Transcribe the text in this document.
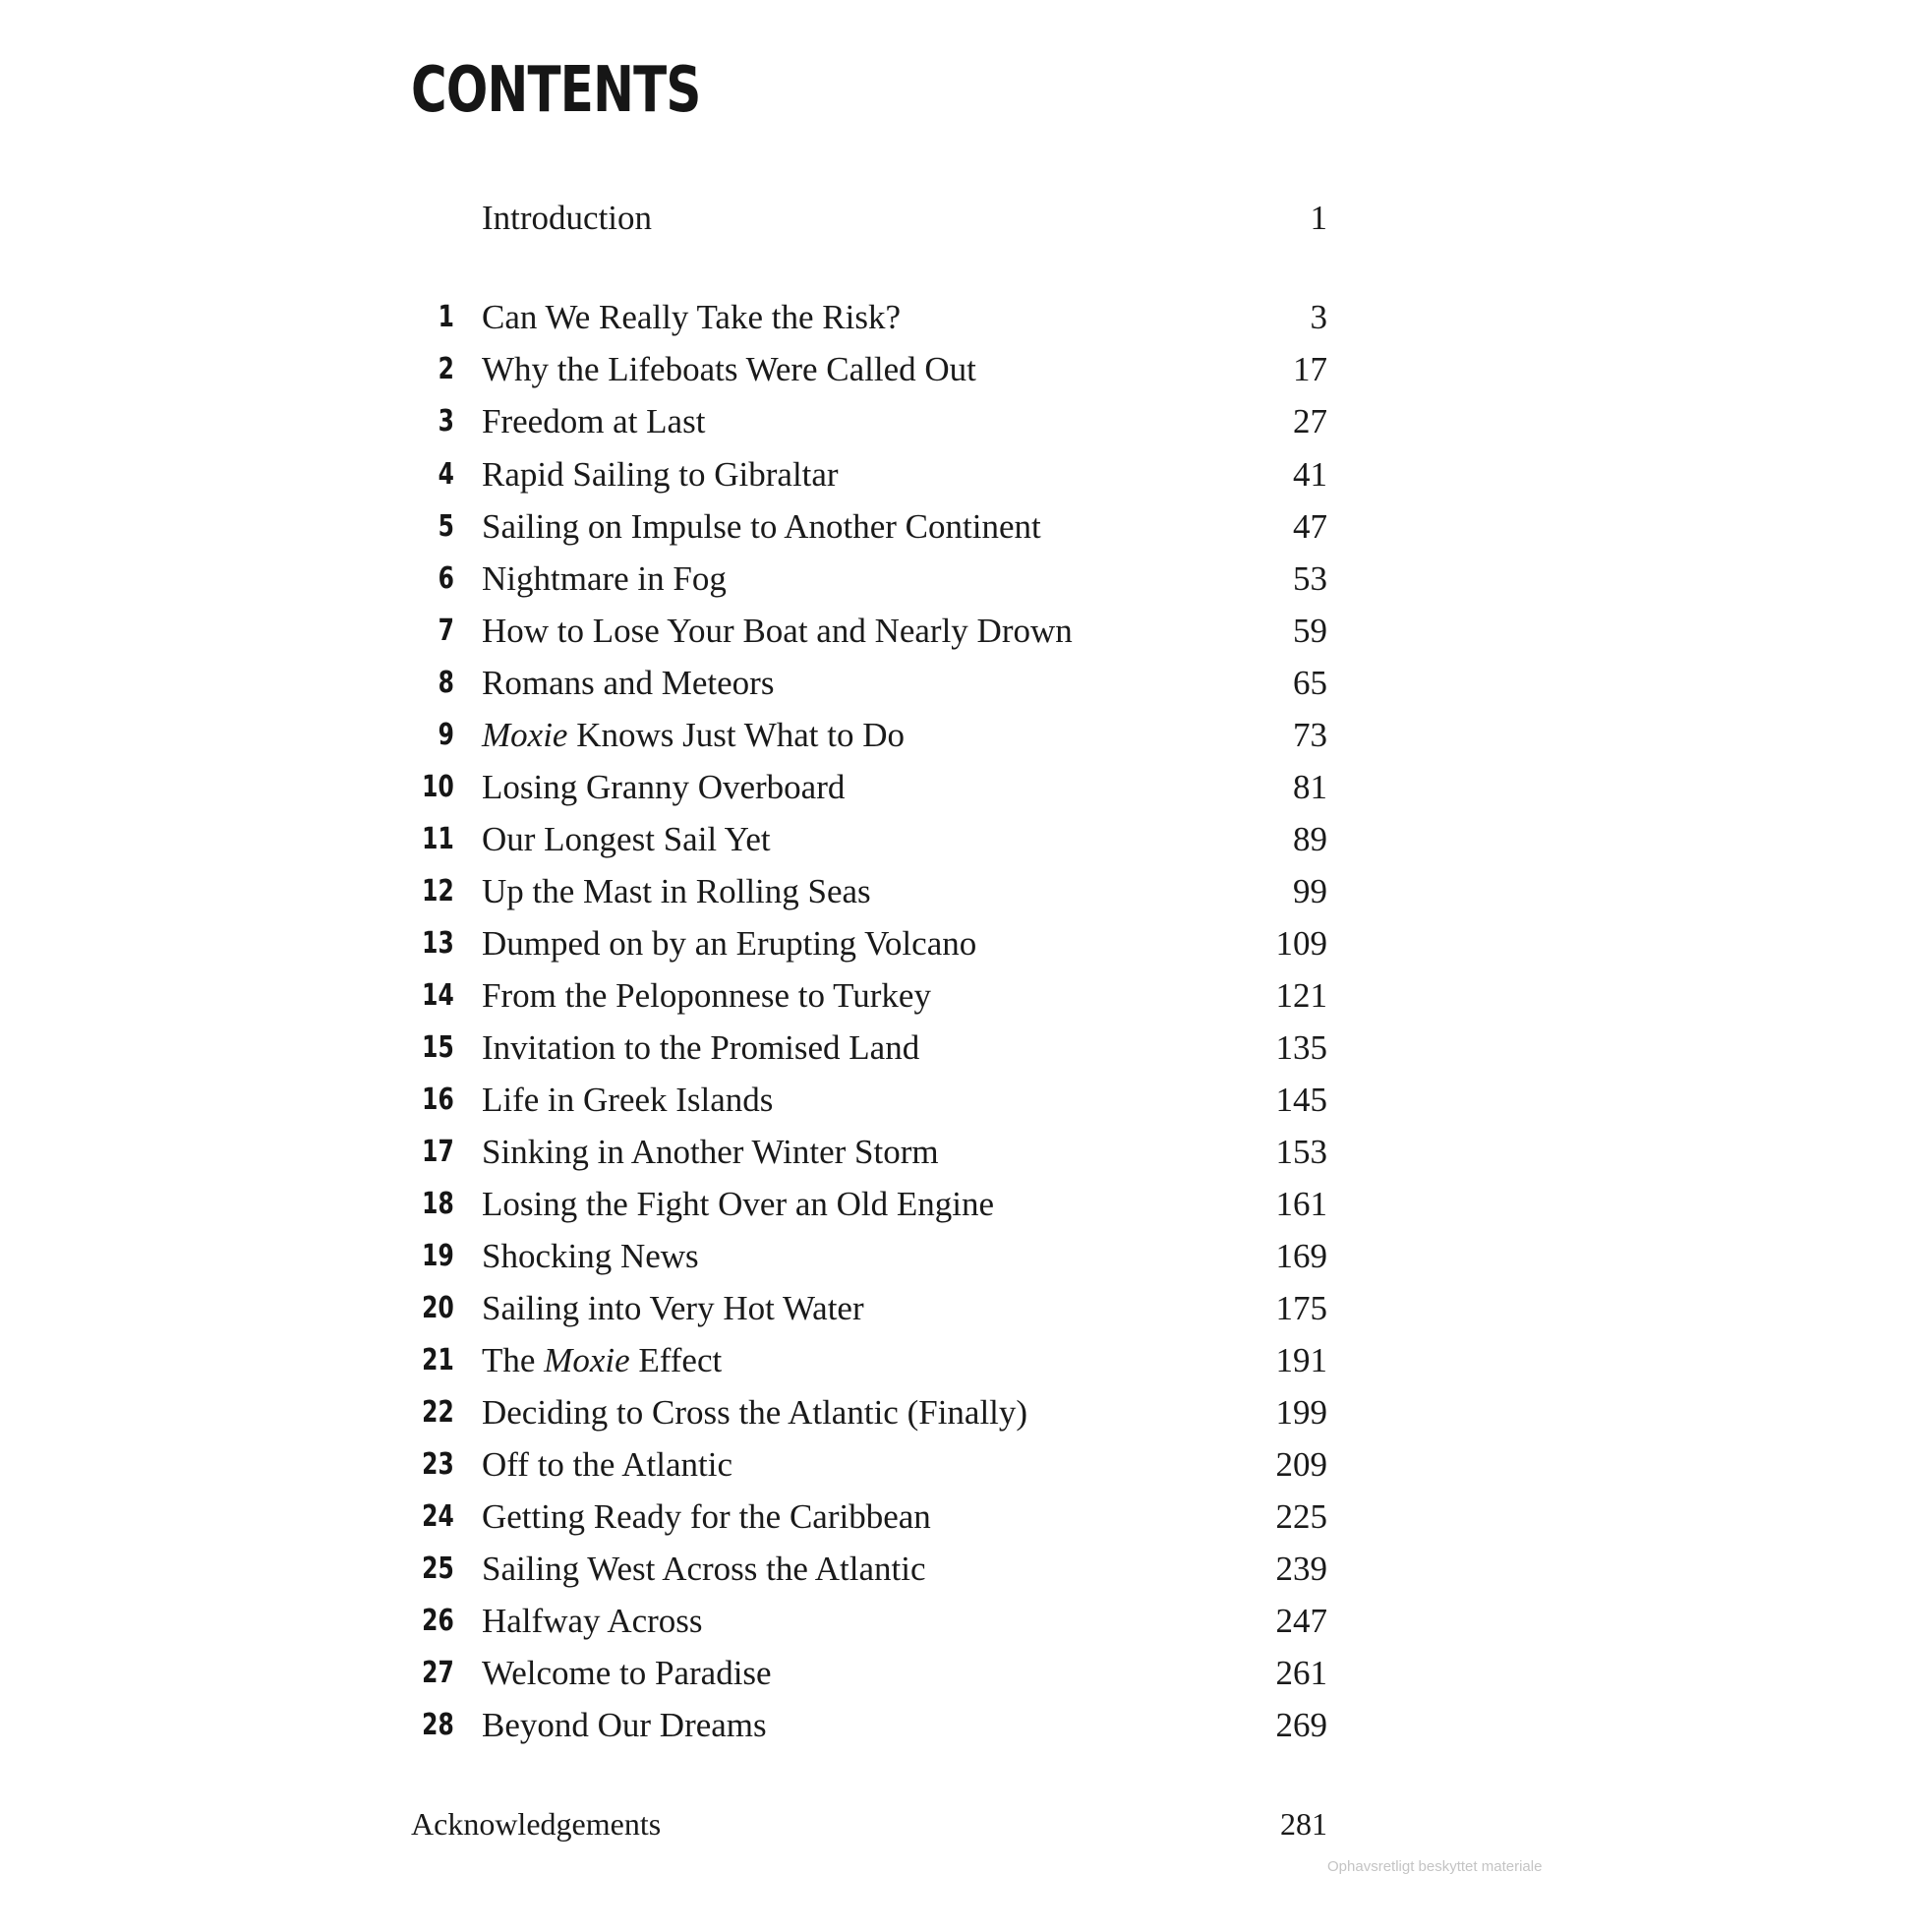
CONTENTS
Introduction	1
1 Can We Really Take the Risk?	3
2 Why the Lifeboats Were Called Out	17
3 Freedom at Last	27
4 Rapid Sailing to Gibraltar	41
5 Sailing on Impulse to Another Continent	47
6 Nightmare in Fog	53
7 How to Lose Your Boat and Nearly Drown	59
8 Romans and Meteors	65
9 Moxie Knows Just What to Do	73
10 Losing Granny Overboard	81
11 Our Longest Sail Yet	89
12 Up the Mast in Rolling Seas	99
13 Dumped on by an Erupting Volcano	109
14 From the Peloponnese to Turkey	121
15 Invitation to the Promised Land	135
16 Life in Greek Islands	145
17 Sinking in Another Winter Storm	153
18 Losing the Fight Over an Old Engine	161
19 Shocking News	169
20 Sailing into Very Hot Water	175
21 The Moxie Effect	191
22 Deciding to Cross the Atlantic (Finally)	199
23 Off to the Atlantic	209
24 Getting Ready for the Caribbean	225
25 Sailing West Across the Atlantic	239
26 Halfway Across	247
27 Welcome to Paradise	261
28 Beyond Our Dreams	269
Acknowledgements	281
Ophavsretligt beskyttet materiale
